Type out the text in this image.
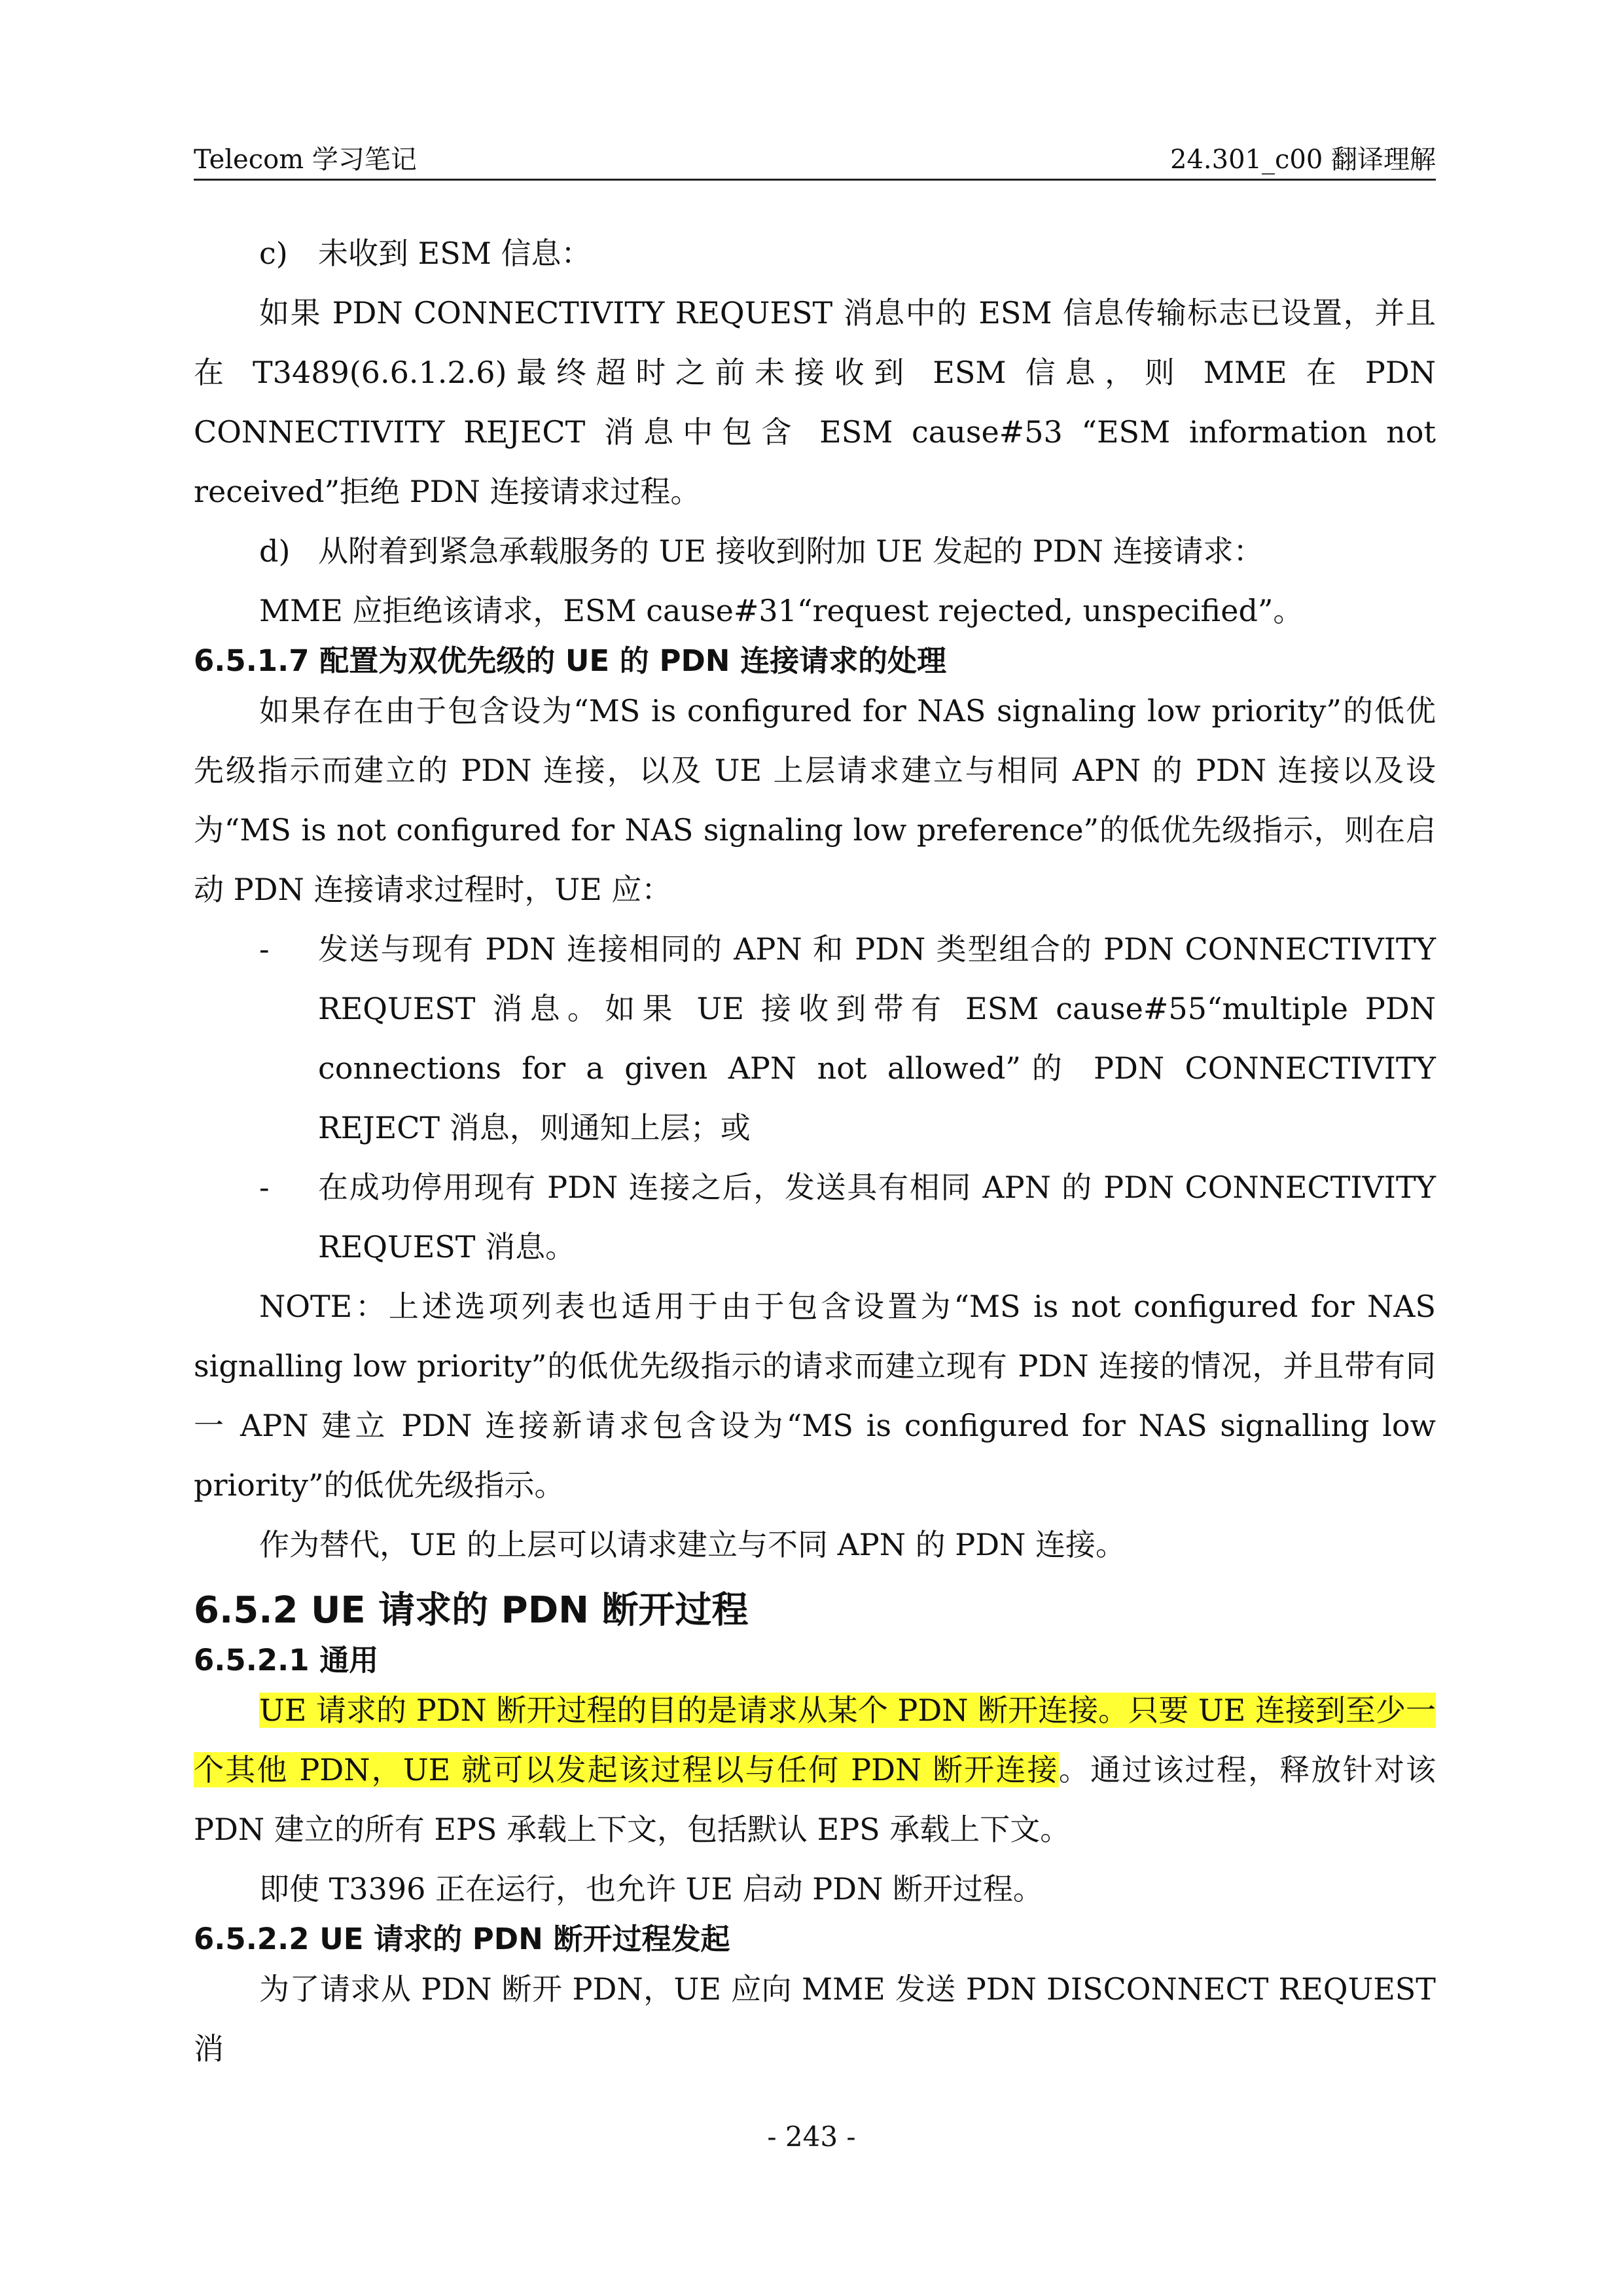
Telecom 学习笔记	24.301_c00 翻译理解
c)	未收到 ESM 信息：

如果 PDN CONNECTIVITY REQUEST 消息中的 ESM 信息传输标志已设置，并且在 T3489(6.6.1.2.6)最终超时之前未接收到 ESM 信息，则 MME 在 PDN CONNECTIVITY REJECT 消息中包含 ESM cause#53 “ESM information not received”拒绝 PDN 连接请求过程。

d) 从附着到紧急承载服务的 UE 接收到附加 UE 发起的 PDN 连接请求：

MME 应拒绝该请求，ESM cause#31“request rejected, unspecified”。

6.5.1.7 配置为双优先级的 UE 的 PDN 连接请求的处理

如果存在由于包含设为“MS is configured for NAS signaling low priority”的低优先级指示而建立的 PDN 连接，以及 UE 上层请求建立与相同 APN 的 PDN 连接以及设为“MS is not configured for NAS signaling low preference”的低优先级指示，则在启动 PDN 连接请求过程时，UE 应：

-	发送与现有 PDN 连接相同的 APN 和 PDN 类型组合的 PDN CONNECTIVITY REQUEST 消息。如果 UE 接收到带有 ESM cause#55“multiple PDN connections for a given APN not allowed”的 PDN CONNECTIVITY REJECT 消息，则通知上层；或
-	在成功停用现有 PDN 连接之后，发送具有相同 APN 的 PDN CONNECTIVITY REQUEST 消息。

NOTE：上述选项列表也适用于由于包含设置为“MS is not configured for NAS signalling low priority”的低优先级指示的请求而建立现有 PDN 连接的情况，并且带有同一 APN 建立 PDN 连接新请求包含设为“MS is configured for NAS signalling low priority”的低优先级指示。

作为替代，UE 的上层可以请求建立与不同 APN 的 PDN 连接。

6.5.2 UE 请求的 PDN 断开过程
6.5.2.1 通用

UE 请求的 PDN 断开过程的目的是请求从某个 PDN 断开连接。只要 UE 连接到至少一个其他 PDN，UE 就可以发起该过程以与任何 PDN 断开连接。通过该过程，释放针对该 PDN 建立的所有 EPS 承载上下文，包括默认 EPS 承载上下文。

即使 T3396 正在运行，也允许 UE 启动 PDN 断开过程。

6.5.2.2 UE 请求的 PDN 断开过程发起

为了请求从 PDN 断开 PDN，UE 应向 MME 发送 PDN DISCONNECT REQUEST 消

- 243 -
